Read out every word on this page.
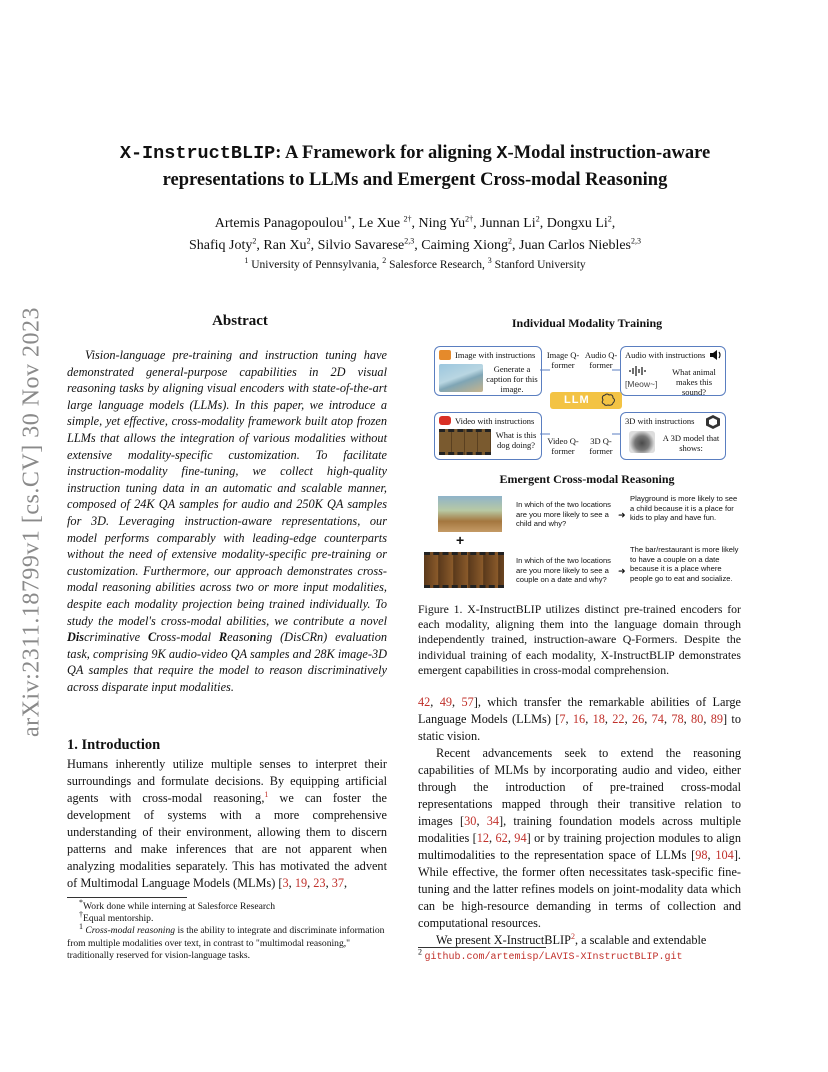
arXiv:2311.18799v1 [cs.CV] 30 Nov 2023
X-InstructBLIP: A Framework for aligning X-Modal instruction-aware
representations to LLMs and Emergent Cross-modal Reasoning
Artemis Panagopoulou$^{1*}$, Le Xue $^{2\dagger}$, Ning $Yu^{2\dagger}$, Junnan Li$^2$, Dongxu Li$^2$,
Shafiq Joty$^2$, Ran Xu$^2$, Silvio Savarese$^{2,3}$, Caiming Xiong$^2$, Juan Carlos Niebles$^{2,3}$
$^1$ University of Pennsylvania, $^2$ Salesforce Research, $^3$ Stanford University
Abstract

Vision-language pre-training and instruction tuning have demonstrated general-purpose capabilities in 2D visual reasoning tasks by aligning visual encoders with state-of-the-art large language models (LLMs). In this paper, we introduce a simple, yet effective, cross-modality framework built atop frozen LLMs that allows the integration of various modalities without extensive modality-specific customization. To facilitate instruction-modality fine-tuning, we collect high-quality instruction tuning data in an automatic and scalable manner, composed of 24K QA samples for audio and 250K QA samples for 3D. Leveraging instruction-aware representations, our model performs comparably with leading-edge counterparts without the need of extensive modality-specific pre-training or customization. Furthermore, our approach demonstrates cross-modal reasoning abilities across two or more input modalities, despite each modality projection being trained individually. To study the model's cross-modal abilities, we contribute a novel Discriminative Cross-modal Reasoning (DisCRn) evaluation task, comprising 9K audio-video QA samples and 28K image-3D QA samples that require the model to reason discriminatively across disparate input modalities.

1. Introduction

Humans inherently utilize multiple senses to interpret their surroundings and formulate decisions. By equipping artificial agents with cross-modal reasoning,$^1$ we can foster the development of systems with a more comprehensive understanding of their environment, allowing them to discern patterns and make inferences that are not apparent when analyzing modalities separately. This has motivated the advent of Multimodal Language Models (MLMs) [3, 19, 23, 37,

*Work done while interning at Salesforce Research

†Equal mentorship.

$^1$ Cross-modal reasoning is the ability to integrate and discriminate information from multiple modalities over text, in contrast to "multimodal reasoning," traditionally reserved for vision-language tasks.

Individual Modality Training
Image with instructions
Generate a caption for this image.
Image Q-former
Audio Q-former
Audio with instructions
[Meow~]
What animal makes this sound?
LLM
Video with instructions
What is this dog doing?	Video Q-former
3D Q-former
3D with instructions
A 3D model that shows:
Emergent Cross-modal Reasoning
In which of the two locations are you more likely to see a child and why?
➜
Playground is more likely to see a child because it is a place for kids to play and have fun.
+
In which of the two locations are you more likely to see a couple on a date and why?
➜
The bar/restaurant is more likely to have a couple on a date because it is a place where people go to eat and socialize.
Figure 1. X-InstructBLIP utilizes distinct pre-trained encoders for each modality, aligning them into the language domain through independently trained, instruction-aware Q-Formers. Despite the individual training of each modality, X-InstructBLIP demonstrates emergent capabilities in cross-modal comprehension.

42, 49, 57], which transfer the remarkable abilities of Large Language Models (LLMs) [7, 16, 18, 22, 26, 74, 78, 80, 89] to static vision.

Recent advancements seek to extend the reasoning capabilities of MLMs by incorporating audio and video, either through the introduction of pre-trained cross-modal representations mapped through their transitive relation to images [30, 34], training foundation models across multiple modalities [12, 62, 94] or by training projection modules to align multimodalities to the representation space of LLMs [98, 104]. While effective, the former often necessitates task-specific fine-tuning and the latter refines models on joint-modality data which can be high-resource demanding in terms of collection and computational resources.

We present X-InstructBLIP$^2$, a scalable and extendable

$^2$ github.com/artemisp/LAVIS-XInstructBLIP.git
